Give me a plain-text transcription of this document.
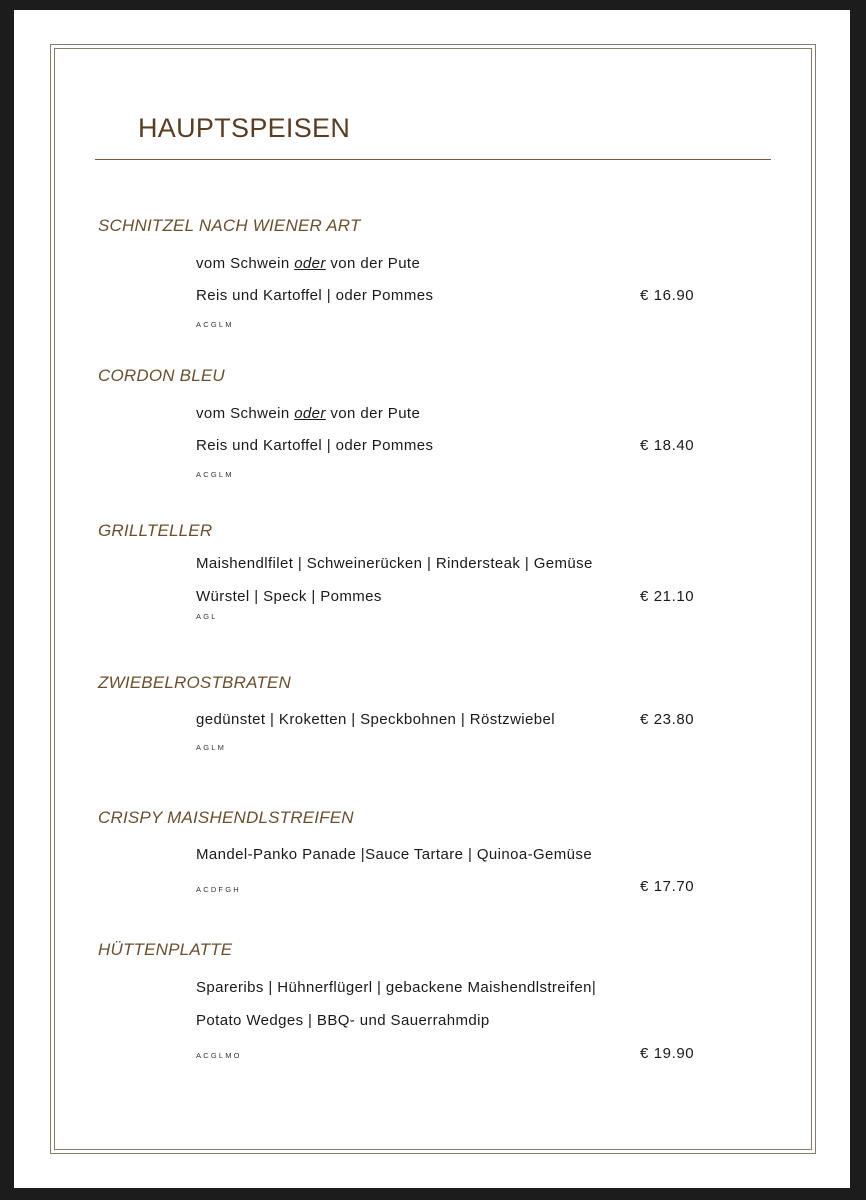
HAUPTSPEISEN
SCHNITZEL NACH WIENER ART

vom Schwein oder von der Pute

Reis und Kartoffel | oder Pommes

ACGLM

€ 16.90

CORDON BLEU

vom Schwein oder von der Pute

Reis und Kartoffel | oder Pommes

ACGLM

€ 18.40

GRILLTELLER

Maishendlfilet | Schweinerücken | Rindersteak | Gemüse

Würstel | Speck | Pommes

AGL

€ 21.10

ZWIEBELROSTBRATEN

gedünstet | Kroketten | Speckbohnen | Röstzwiebel

AGLM

€ 23.80

CRISPY MAISHENDLSTREIFEN

Mandel-Panko Panade |Sauce Tartare | Quinoa-Gemüse

ACDFGH	€ 17.70

HÜTTENPLATTE

Spareribs | Hühnerflügerl | gebackene Maishendlstreifen|

Potato Wedges | BBQ- und Sauerrahmdip

ACGLMO	€ 19.90
